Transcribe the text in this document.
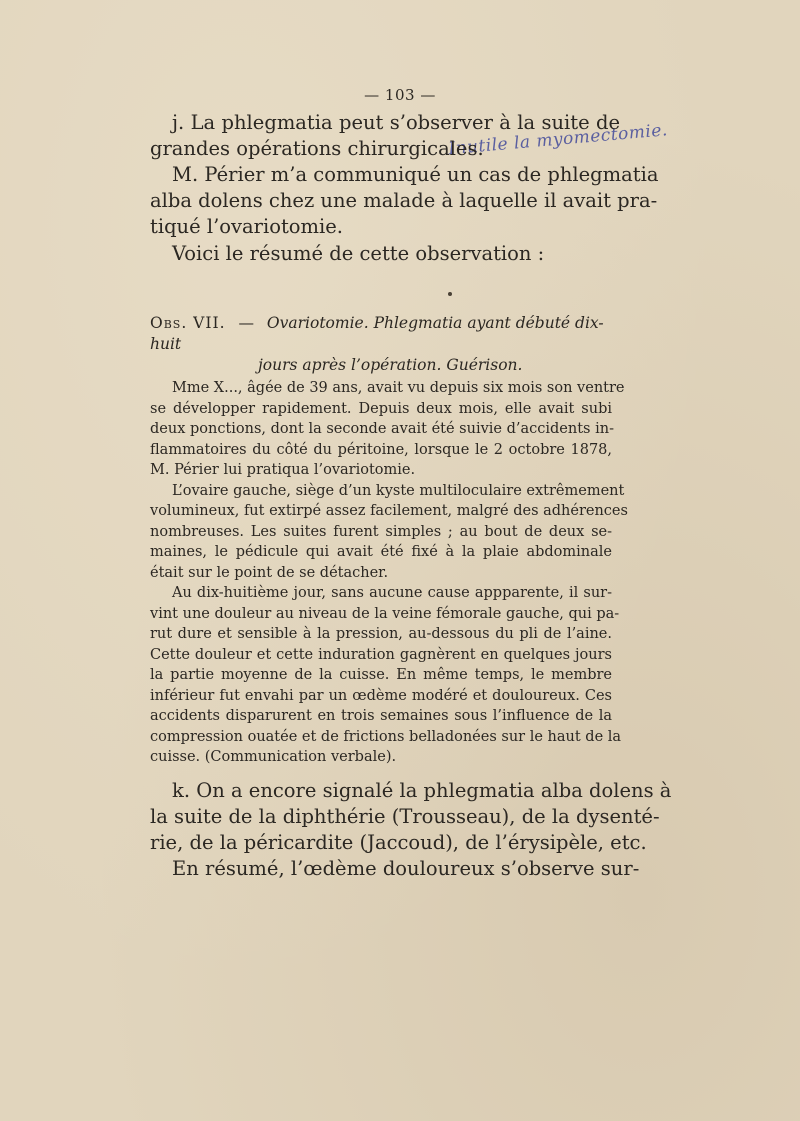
— 103 —
Inutile la myomectomie.
j. La phlegmatia peut s’observer à la suite de
grandes opérations chirurgicales.
M. Périer m’a communiqué un cas de phlegmatia
alba dolens chez une malade à laquelle il avait pra-
tiqué l’ovariotomie.
Voici le résumé de cette observation :
Obs. VII. — Ovariotomie. Phlegmatia ayant débuté dix-huit
jours après l’opération. Guérison.
Mme X..., âgée de 39 ans, avait vu depuis six mois son ventre
se développer rapidement. Depuis deux mois, elle avait subi
deux ponctions, dont la seconde avait été suivie d’accidents in-
flammatoires du côté du péritoine, lorsque le 2 octobre 1878,
M. Périer lui pratiqua l’ovariotomie.
L’ovaire gauche, siège d’un kyste multiloculaire extrêmement
volumineux, fut extirpé assez facilement, malgré des adhérences
nombreuses. Les suites furent simples ; au bout de deux se-
maines, le pédicule qui avait été fixé à la plaie abdominale
était sur le point de se détacher.
Au dix-huitième jour, sans aucune cause appparente, il sur-
vint une douleur au niveau de la veine fémorale gauche, qui pa-
rut dure et sensible à la pression, au-dessous du pli de l’aine.
Cette douleur et cette induration gagnèrent en quelques jours
la partie moyenne de la cuisse. En même temps, le membre
inférieur fut envahi par un œdème modéré et douloureux. Ces
accidents disparurent en trois semaines sous l’influence de la
compression ouatée et de frictions belladonées sur le haut de la
cuisse. (Communication verbale).
k. On a encore signalé la phlegmatia alba dolens à
la suite de la diphthérie (Trousseau), de la dysenté-
rie, de la péricardite (Jaccoud), de l’érysipèle, etc.
En résumé, l’œdème douloureux s’observe sur-
